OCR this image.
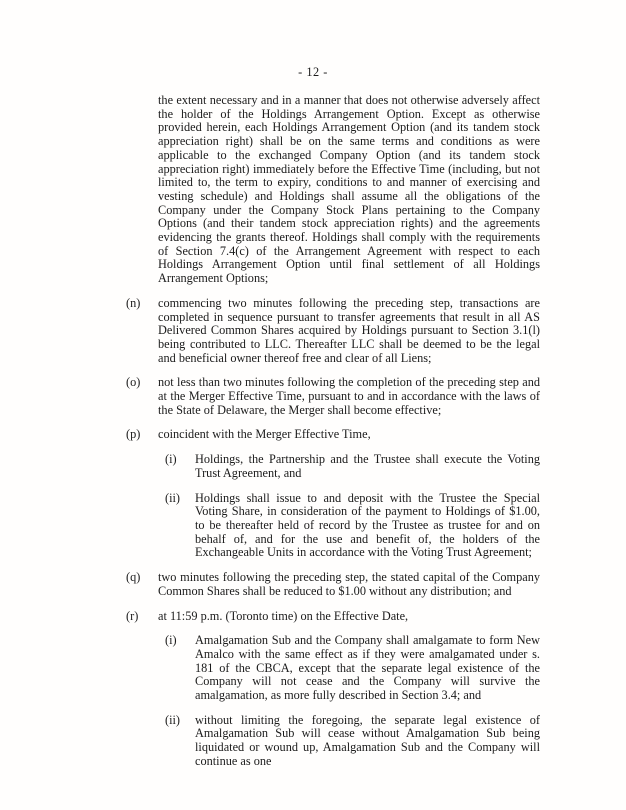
- 12 -
the extent necessary and in a manner that does not otherwise adversely affect the holder of the Holdings Arrangement Option. Except as otherwise provided herein, each Holdings Arrangement Option (and its tandem stock appreciation right) shall be on the same terms and conditions as were applicable to the exchanged Company Option (and its tandem stock appreciation right) immediately before the Effective Time (including, but not limited to, the term to expiry, conditions to and manner of exercising and vesting schedule) and Holdings shall assume all the obligations of the Company under the Company Stock Plans pertaining to the Company Options (and their tandem stock appreciation rights) and the agreements evidencing the grants thereof. Holdings shall comply with the requirements of Section 7.4(c) of the Arrangement Agreement with respect to each Holdings Arrangement Option until final settlement of all Holdings Arrangement Options;
(n)	commencing two minutes following the preceding step, transactions are completed in sequence pursuant to transfer agreements that result in all AS Delivered Common Shares acquired by Holdings pursuant to Section 3.1(l) being contributed to LLC. Thereafter LLC shall be deemed to be the legal and beneficial owner thereof free and clear of all Liens;
(o)	not less than two minutes following the completion of the preceding step and at the Merger Effective Time, pursuant to and in accordance with the laws of the State of Delaware, the Merger shall become effective;
(p)	coincident with the Merger Effective Time,
(i)	Holdings, the Partnership and the Trustee shall execute the Voting Trust Agreement, and
(ii)	Holdings shall issue to and deposit with the Trustee the Special Voting Share, in consideration of the payment to Holdings of $1.00, to be thereafter held of record by the Trustee as trustee for and on behalf of, and for the use and benefit of, the holders of the Exchangeable Units in accordance with the Voting Trust Agreement;
(q)	two minutes following the preceding step, the stated capital of the Company Common Shares shall be reduced to $1.00 without any distribution; and
(r)	at 11:59 p.m. (Toronto time) on the Effective Date,
(i)	Amalgamation Sub and the Company shall amalgamate to form New Amalco with the same effect as if they were amalgamated under s. 181 of the CBCA, except that the separate legal existence of the Company will not cease and the Company will survive the amalgamation, as more fully described in Section 3.4; and
(ii)	without limiting the foregoing, the separate legal existence of Amalgamation Sub will cease without Amalgamation Sub being liquidated or wound up, Amalgamation Sub and the Company will continue as one
